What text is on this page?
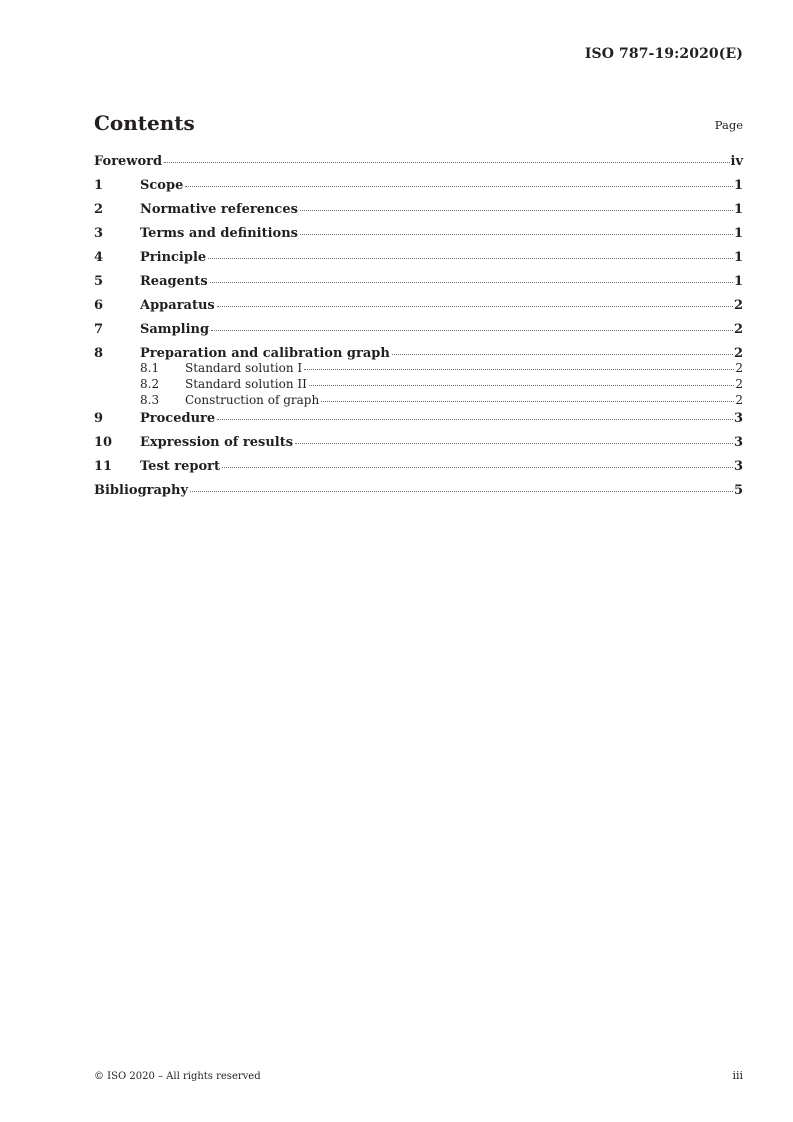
ISO 787-19:2020(E)
Contents	Page
Foreword	iv
1	Scope	1
2	Normative references	1
3	Terms and definitions	1
4	Principle	1
5	Reagents	1
6	Apparatus	2
7	Sampling	2
8	Preparation and calibration graph	2
8.1	Standard solution I	2
8.2	Standard solution II	2
8.3	Construction of graph	2
9	Procedure	3
10	Expression of results	3
11	Test report	3
Bibliography	5
© ISO 2020 – All rights reserved	iii
